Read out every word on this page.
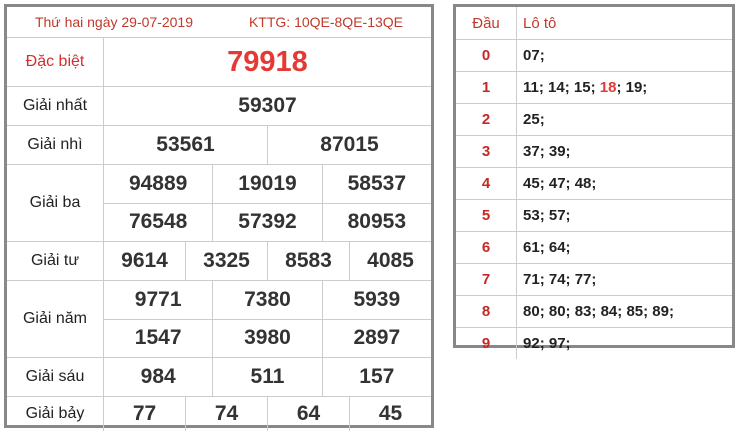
Thứ hai ngày 29-07-2019	KTTG: 10QE-8QE-13QE
Đặc biệt	79918
Giải nhất	59307
Giải nhì	53561	87015
Giải ba
94889	19019	58537
76548	57392	80953
Giải tư	9614	3325	8583	4085
Giải năm
9771	7380	5939
1547	3980	2897
Giải sáu	984	511	157
Giải bảy	77	74	64	45
Đầu	Lô tô
0	07 ;
1	11 ; 14 ; 15 ; 18 ; 19 ;
2	25 ;
3	37 ; 39 ;
4	45 ; 47 ; 48 ;
5	53 ; 57 ;
6	61 ; 64 ;
7	71 ; 74 ; 77 ;
8	80 ; 80 ; 83 ; 84 ; 85 ; 89 ;
9	92 ; 97 ;
